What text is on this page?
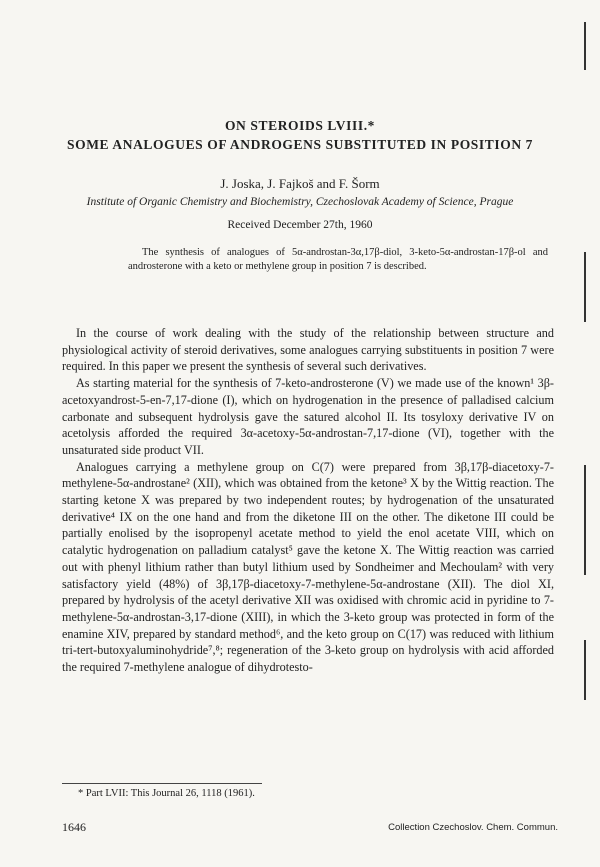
ON STEROIDS LVIII.*
SOME ANALOGUES OF ANDROGENS SUBSTITUTED IN POSITION 7
J. Joska, J. Fajkoš and F. Šorm
Institute of Organic Chemistry and Biochemistry, Czechoslovak Academy of Science, Prague
Received December 27th, 1960

The synthesis of analogues of 5α-androstan-3α,17β-diol, 3-keto-5α-androstan-17β-ol and androsterone with a keto or methylene group in position 7 is described.

In the course of work dealing with the study of the relationship between structure and physiological activity of steroid derivatives, some analogues carrying substituents in position 7 were required. In this paper we present the synthesis of several such derivatives.

As starting material for the synthesis of 7-keto-androsterone (V) we made use of the known¹ 3β-acetoxyandrost-5-en-7,17-dione (I), which on hydrogenation in the presence of palladised calcium carbonate and subsequent hydrolysis gave the satured alcohol II. Its tosyloxy derivative IV on acetolysis afforded the required 3α-acetoxy-5α-androstan-7,17-dione (VI), together with the unsaturated side product VII.

Analogues carrying a methylene group on C(7) were prepared from 3β,17β-diacetoxy-7-methylene-5α-androstane² (XII), which was obtained from the ketone³ X by the Wittig reaction. The starting ketone X was prepared by two independent routes; by hydrogenation of the unsaturated derivative⁴ IX on the one hand and from the diketone III on the other. The diketone III could be partially enolised by the isopropenyl acetate method to yield the enol acetate VIII, which on catalytic hydrogenation on palladium catalyst⁵ gave the ketone X. The Wittig reaction was carried out with phenyl lithium rather than butyl lithium used by Sondheimer and Mechoulam² with very satisfactory yield (48%) of 3β,17β-diacetoxy-7-methylene-5α-androstane (XII). The diol XI, prepared by hydrolysis of the acetyl derivative XII was oxidised with chromic acid in pyridine to 7-methylene-5α-androstan-3,17-dione (XIII), in which the 3-keto group was protected in form of the enamine XIV, prepared by standard method⁶, and the keto group on C(17) was reduced with lithium tri-tert-butoxyaluminohydride⁷,⁸; regeneration of the 3-keto group on hydrolysis with acid afforded the required 7-methylene analogue of dihydrotesto-

* Part LVII: This Journal 26, 1118 (1961).
1646	Collection Czechoslov. Chem. Commun.
